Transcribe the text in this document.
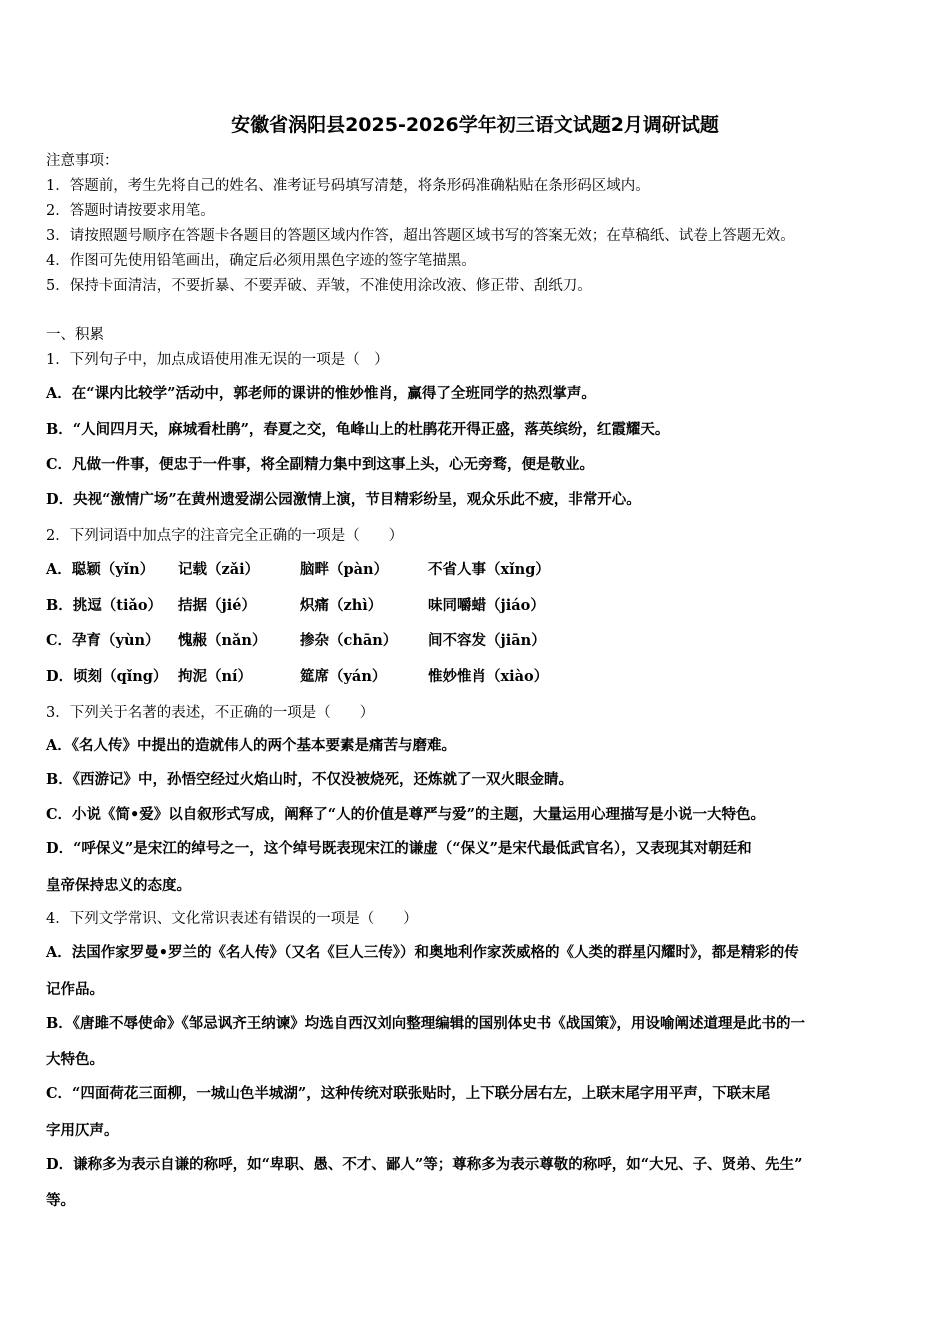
安徽省涡阳县2025-2026学年初三语文试题2月调研试题
注意事项：
1．答题前，考生先将自己的姓名、准考证号码填写清楚，将条形码准确粘贴在条形码区域内。
2．答题时请按要求用笔。
3．请按照题号顺序在答题卡各题目的答题区域内作答，超出答题区域书写的答案无效；在草稿纸、试卷上答题无效。
4．作图可先使用铅笔画出，确定后必须用黑色字迹的签字笔描黑。
5．保持卡面清洁，不要折暴、不要弄破、弄皱，不准使用涂改液、修正带、刮纸刀。
一、积累
1．下列句子中，加点成语使用准无误的一项是（　）
A．在“课内比较学”活动中，郭老师的课讲的惟妙惟肖，赢得了全班同学的热烈掌声。
B．“人间四月天，麻城看杜鹃”，春夏之交，龟峰山上的杜鹃花开得正盛，落英缤纷，红霞耀天。
C．凡做一件事，便忠于一件事，将全副精力集中到这事上头，心无旁骛，便是敬业。
D．央视“激情广场”在黄州遗爱湖公园激情上演，节目精彩纷呈，观众乐此不疲，非常开心。
2．下列词语中加点字的注音完全正确的一项是（　　）
A．聪颖（yǐn） 记载（zǎi）	脑畔（pàn）	不省人事（xǐng）
B．挑逗（tiǎo） 拮据（jié）	炽痛（zhì）	味同嚼蜡（jiáo）
C．孕育（yùn） 愧赧（nǎn） 掺杂（chān） 间不容发（jiān）
D．顷刻（qǐng） 拘泥（ní）	筵席（yán）	惟妙惟肖（xiào）
3．下列关于名著的表述，不正确的一项是（　　）
A．《名人传》中提出的造就伟人的两个基本要素是痛苦与磨难。
B．《西游记》中，孙悟空经过火焰山时，不仅没被烧死，还炼就了一双火眼金睛。
C．小说《简•爱》以自叙形式写成，阐释了“人的价值是尊严与爱”的主题，大量运用心理描写是小说一大特色。
D．“呼保义”是宋江的绰号之一，这个绰号既表现宋江的谦虚（“保义”是宋代最低武官名），又表现其对朝廷和
皇帝保持忠义的态度。
4．下列文学常识、文化常识表述有错误的一项是（　　）
A．法国作家罗曼•罗兰的《名人传》（又名《巨人三传》）和奥地利作家茨威格的《人类的群星闪耀时》，都是精彩的传
记作品。
B．《唐雎不辱使命》《邹忌讽齐王纳谏》均选自西汉刘向整理编辑的国别体史书《战国策》，用设喻阐述道理是此书的一
大特色。
C．“四面荷花三面柳，一城山色半城湖”，这种传统对联张贴时，上下联分居右左，上联末尾字用平声，下联末尾
字用仄声。
D．谦称多为表示自谦的称呼，如“卑职、愚、不才、鄙人”等；尊称多为表示尊敬的称呼，如“大兄、子、贤弟、先生”
等。
